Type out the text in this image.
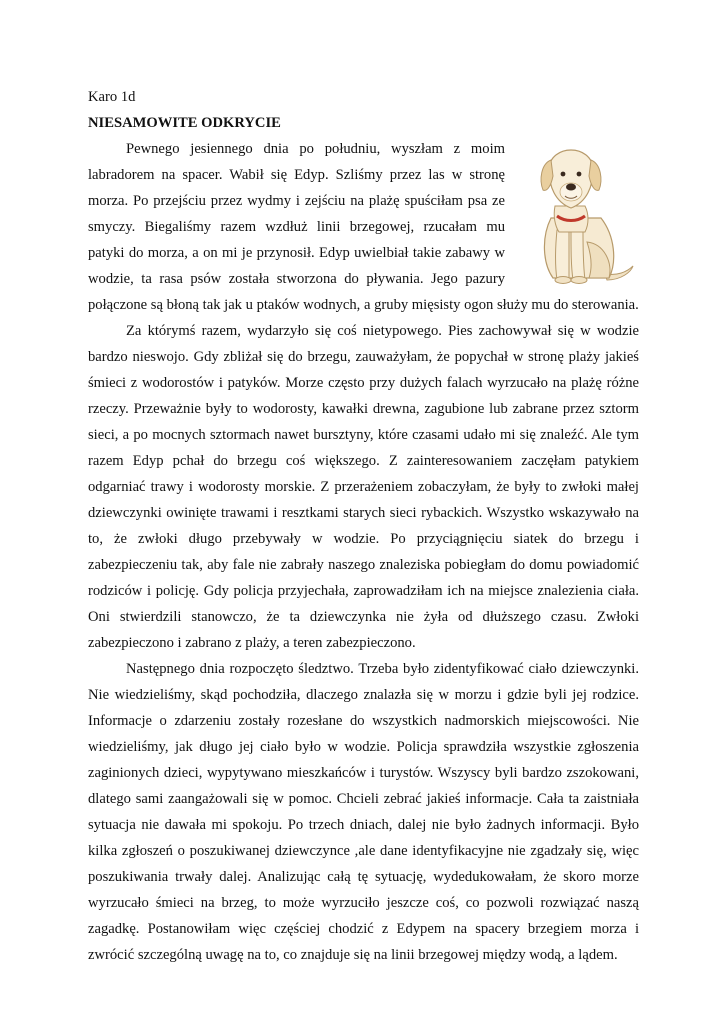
Karo 1d

NIESAMOWITE ODKRYCIE

Pewnego jesiennego dnia po południu, wyszłam z moim labradorem na spacer. Wabił się Edyp. Szliśmy przez las w stronę morza. Po przejściu przez wydmy i zejściu na plażę spuściłam psa ze smyczy. Biegaliśmy razem wzdłuż linii brzegowej, rzucałam mu patyki do morza, a on mi je przynosił. Edyp uwielbiał takie zabawy w wodzie, ta rasa psów została stworzona do pływania. Jego pazury połączone są błoną tak jak u ptaków wodnych, a gruby mięsisty ogon służy mu do sterowania.

Za którymś razem, wydarzyło się coś nietypowego. Pies zachowywał się w wodzie bardzo nieswojo. Gdy zbliżał się do brzegu, zauważyłam, że popychał w stronę plaży jakieś śmieci z wodorostów i patyków. Morze często przy dużych falach wyrzucało na plażę różne rzeczy. Przeważnie były to wodorosty, kawałki drewna, zagubione lub zabrane przez sztorm sieci, a po mocnych sztormach nawet bursztyny, które czasami udało mi się znaleźć. Ale tym razem Edyp pchał do brzegu coś większego. Z zainteresowaniem zaczęłam patykiem odgarniać trawy i wodorosty morskie. Z przerażeniem zobaczyłam, że były to zwłoki małej dziewczynki owinięte trawami i resztkami starych sieci rybackich. Wszystko wskazywało na to, że zwłoki długo przebywały w wodzie. Po przyciągnięciu siatek do brzegu i zabezpieczeniu tak, aby fale nie zabrały naszego znaleziska pobiegłam do domu powiadomić rodziców i policję. Gdy policja przyjechała, zaprowadziłam ich na miejsce znalezienia ciała. Oni stwierdzili stanowczo, że ta dziewczynka nie żyła od dłuższego czasu. Zwłoki zabezpieczono i zabrano z plaży, a teren zabezpieczono.

Następnego dnia rozpoczęto śledztwo. Trzeba było zidentyfikować ciało dziewczynki. Nie wiedzieliśmy, skąd pochodziła, dlaczego znalazła się w morzu i gdzie byli jej rodzice. Informacje o zdarzeniu zostały rozesłane do wszystkich nadmorskich miejscowości. Nie wiedzieliśmy, jak długo jej ciało było w wodzie. Policja sprawdziła wszystkie zgłoszenia zaginionych dzieci, wypytywano mieszkańców i turystów. Wszyscy byli bardzo zszokowani, dlatego sami zaangażowali się w pomoc. Chcieli zebrać jakieś informacje. Cała ta zaistniała sytuacja nie dawała mi spokoju. Po trzech dniach, dalej nie było żadnych informacji. Było kilka zgłoszeń o poszukiwanej dziewczynce ,ale dane identyfikacyjne nie zgadzały się, więc poszukiwania trwały dalej. Analizując całą tę sytuację, wydedukowałam, że skoro morze wyrzucało śmieci na brzeg, to może wyrzuciło jeszcze coś, co pozwoli rozwiązać naszą zagadkę. Postanowiłam więc częściej chodzić z Edypem na spacery brzegiem morza i zwrócić szczególną uwagę na to, co znajduje się na linii brzegowej między wodą, a lądem.
